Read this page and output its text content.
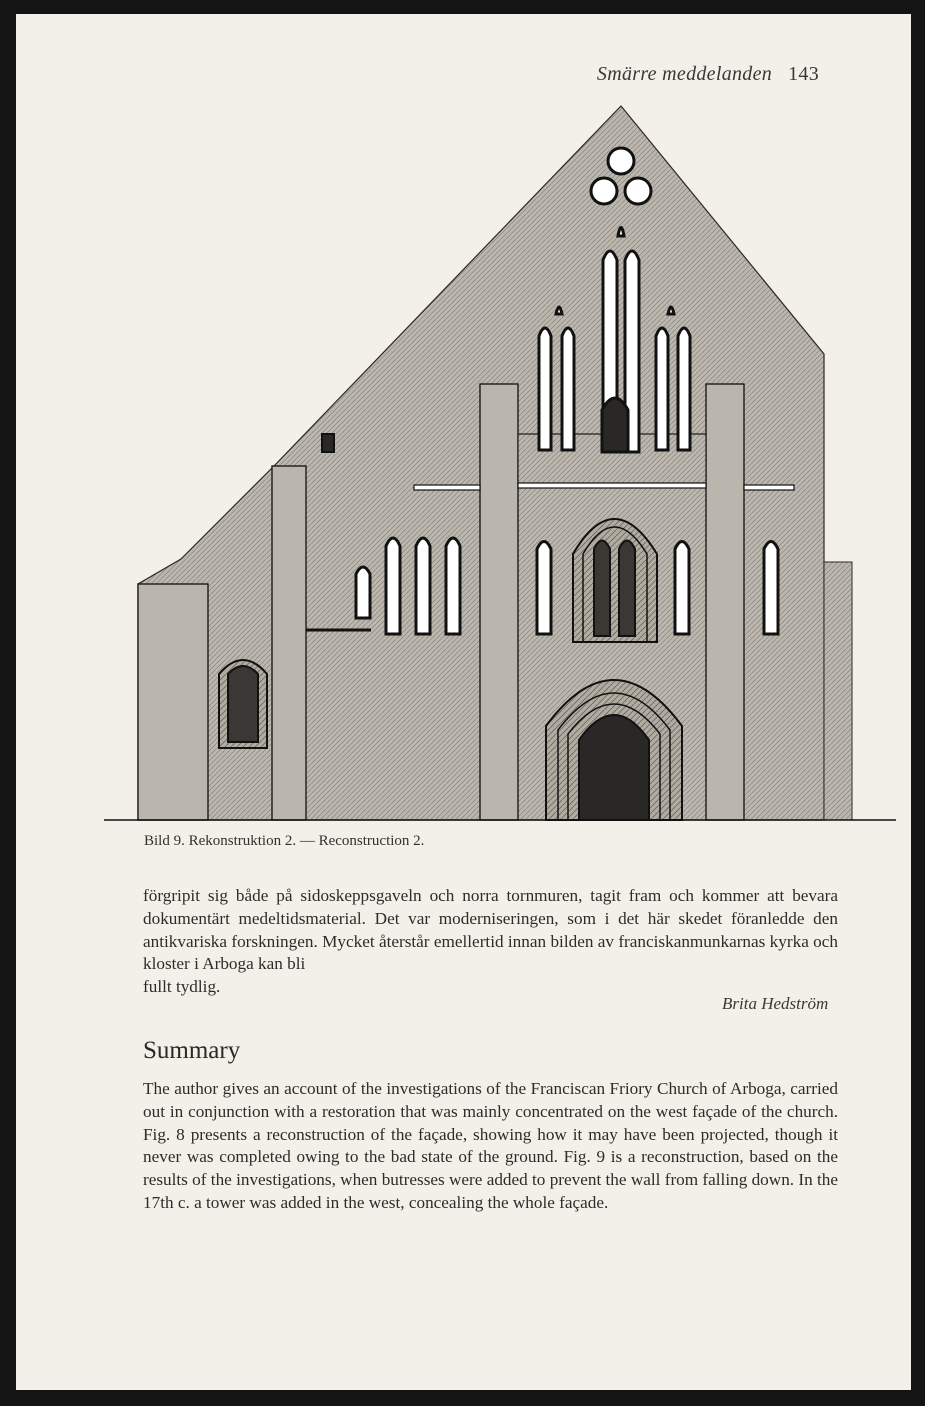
Smärre meddelanden 143
Bild 9. Rekonstruktion 2. — Reconstruction 2.
förgripit sig både på sidoskeppsgaveln och norra tornmuren, tagit fram och kommer att bevara dokumentärt medeltidsmaterial. Det var moderniseringen, som i det här skedet föranledde den antikvariska forskningen. Mycket återstår emellertid innan bilden av franciskanmunkarnas kyrka och kloster i Arboga kan bli
fullt tydlig.
Brita Hedström
Summary
The author gives an account of the investigations of the Franciscan Friory Church of Arboga, carried out in conjunction with a restoration that was mainly concentrated on the west façade of the church. Fig. 8 presents a reconstruction of the façade, showing how it may have been projected, though it never was completed owing to the bad state of the ground. Fig. 9 is a reconstruction, based on the results of the investigations, when butresses were added to prevent the wall from falling down. In the 17th c. a tower was added in the west, concealing the whole façade.
